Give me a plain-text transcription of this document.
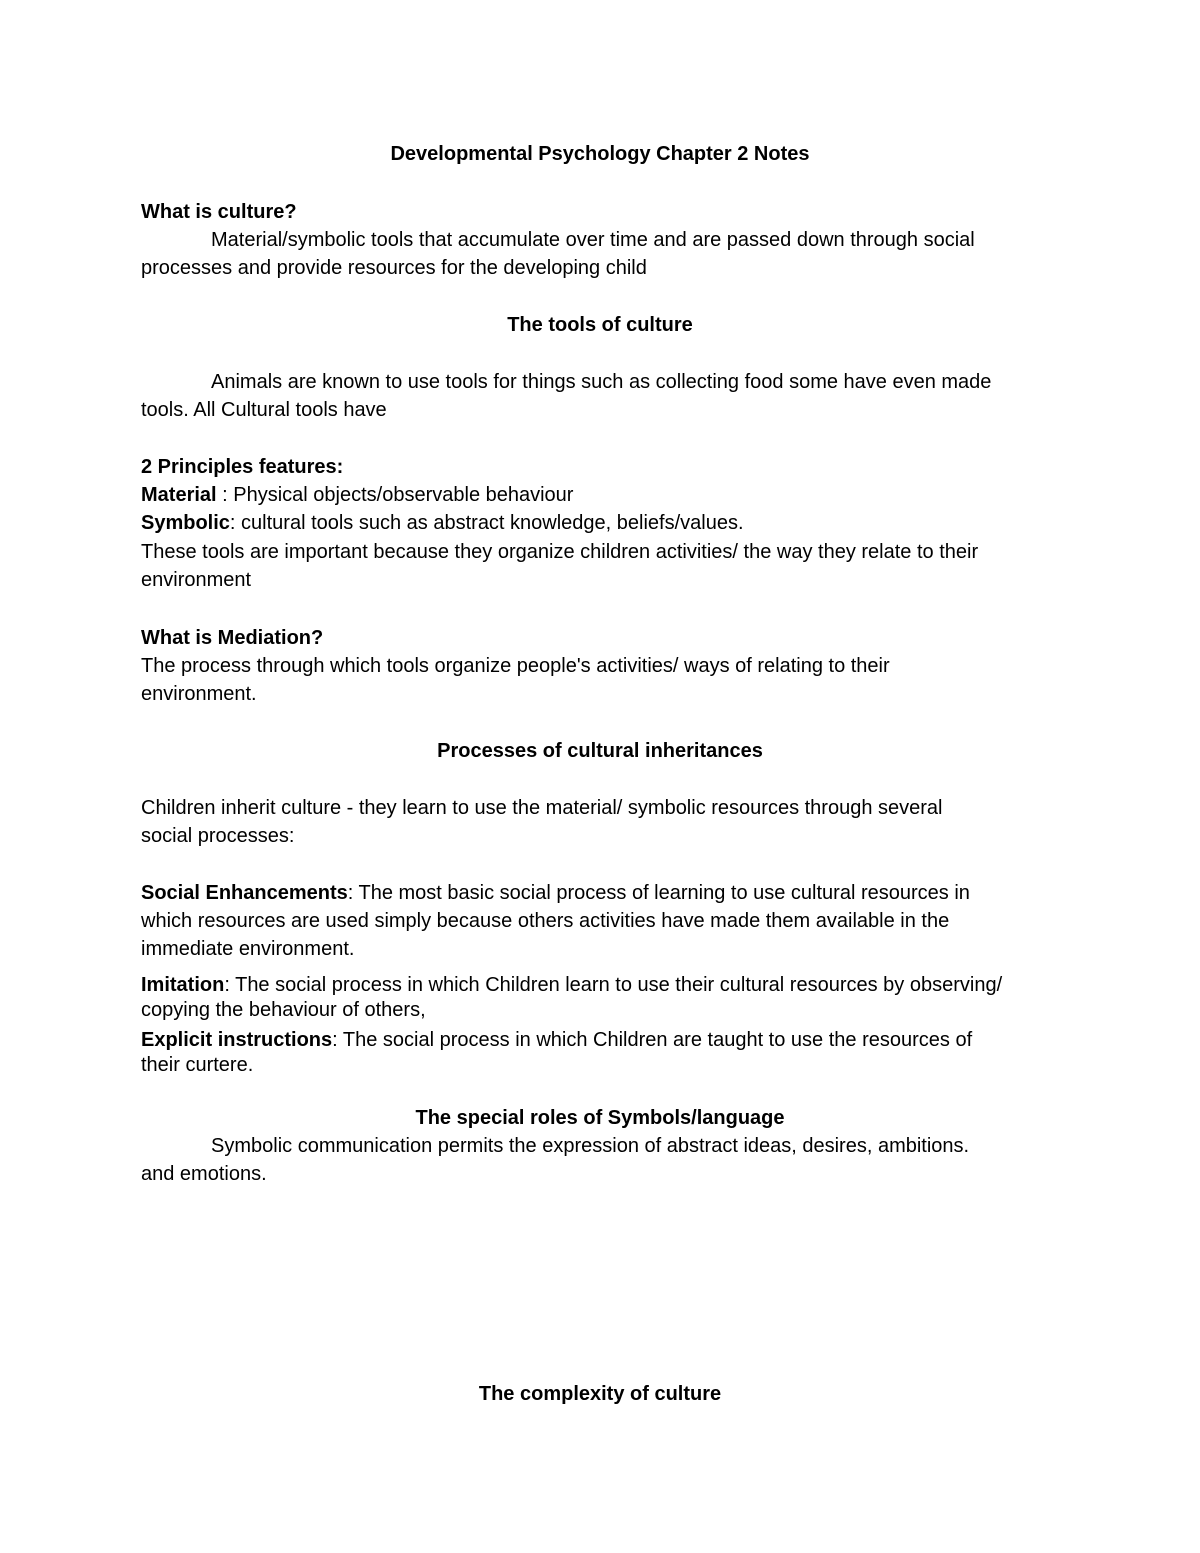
Developmental Psychology Chapter 2 Notes
What is culture?
Material/symbolic tools that accumulate over time and are passed down through social
processes and provide resources for the developing child
The tools of culture
Animals are known to use tools for things such as collecting food some have even made
tools. All Cultural tools have
2 Principles features:
Material : Physical objects/observable behaviour
Symbolic: cultural tools such as abstract knowledge, beliefs/values.
These tools are important because they organize children activities/ the way they relate to their
environment
What is Mediation?
The process through which tools organize people's activities/ ways of relating to their
environment.
Processes of cultural inheritances
Children inherit culture - they learn to use the material/ symbolic resources through several
social processes:
Social Enhancements: The most basic social process of learning to use cultural resources in
which resources are used simply because others activities have made them available in the
immediate environment.
Imitation: The social process in which Children learn to use their cultural resources by observing/
copying the behaviour of others,
Explicit instructions: The social process in which Children are taught to use the resources of
their curtere.
The special roles of Symbols/language
Symbolic communication permits the expression of abstract ideas, desires, ambitions.
and emotions.
The complexity of culture
